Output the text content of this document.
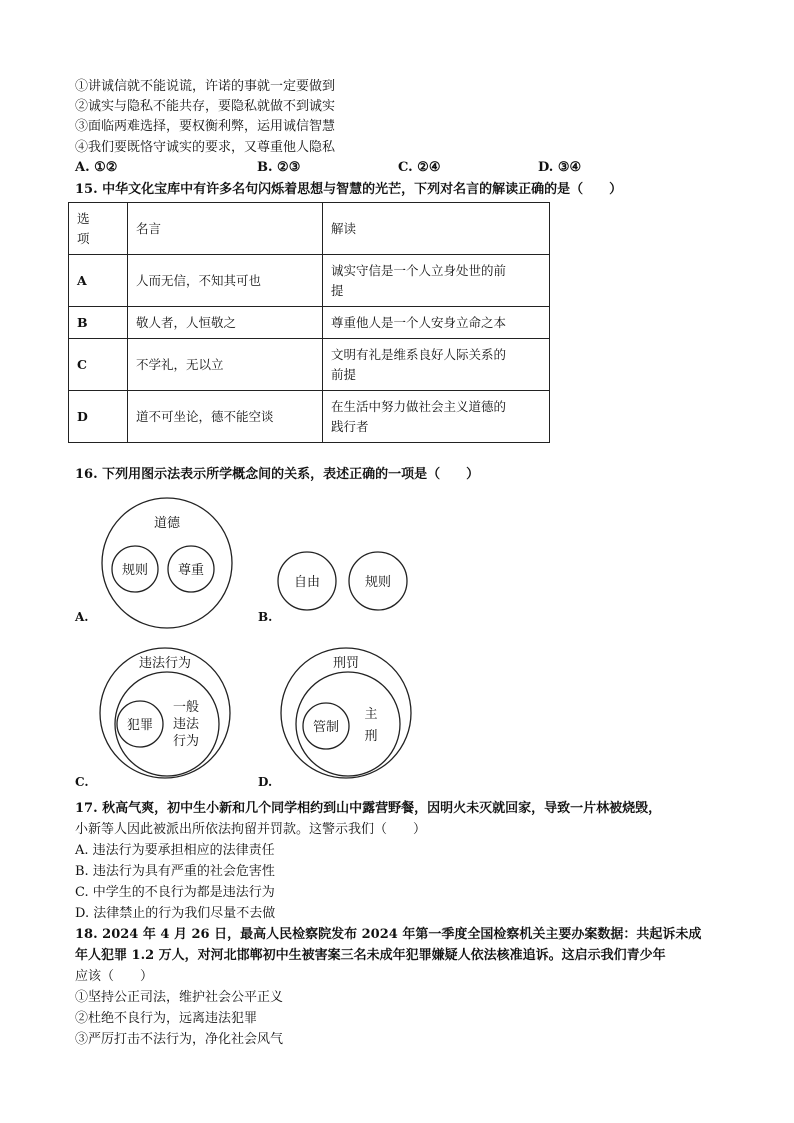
①讲诚信就不能说谎，许诺的事就一定要做到
②诚实与隐私不能共存，要隐私就做不到诚实
③面临两难选择，要权衡利弊，运用诚信智慧
④我们要既恪守诚实的要求，又尊重他人隐私
A. ①②	B. ②③	C. ②④	D. ③④
15. 中华文化宝库中有许多名句闪烁着思想与智慧的光芒，下列对名言的解读正确的是（　　）
选
项	名言	解读
A	人而无信，不知其可也	诚实守信是一个人立身处世的前
提

B	敬人者，人恒敬之	尊重他人是一个人安身立命之本

C	不学礼，无以立	文明有礼是维系良好人际关系的
前提

D	道不可坐论，德不能空谈	在生活中努力做社会主义道德的
践行者
16. 下列用图示法表示所学概念间的关系，表述正确的一项是（　　）
道德
规则 尊重
A.
自由	规则
B.
违法行为
犯罪
一般
违法
行为
C.
刑罚
管制
主
刑
D.
17. 秋高气爽，初中生小新和几个同学相约到山中露营野餐，因明火未灭就回家，导致一片林被烧毁，
小新等人因此被派出所依法拘留并罚款。这警示我们（　　）
A. 违法行为要承担相应的法律责任
B. 违法行为具有严重的社会危害性
C. 中学生的不良行为都是违法行为
D. 法律禁止的行为我们尽量不去做
18. 2024 年 4 月 26 日，最高人民检察院发布 2024 年第一季度全国检察机关主要办案数据：共起诉未成
年人犯罪 1.2 万人，对河北邯郸初中生被害案三名未成年犯罪嫌疑人依法核准追诉。这启示我们青少年
应该（　　）
①坚持公正司法，维护社会公平正义
②杜绝不良行为，远离违法犯罪
③严厉打击不法行为，净化社会风气
